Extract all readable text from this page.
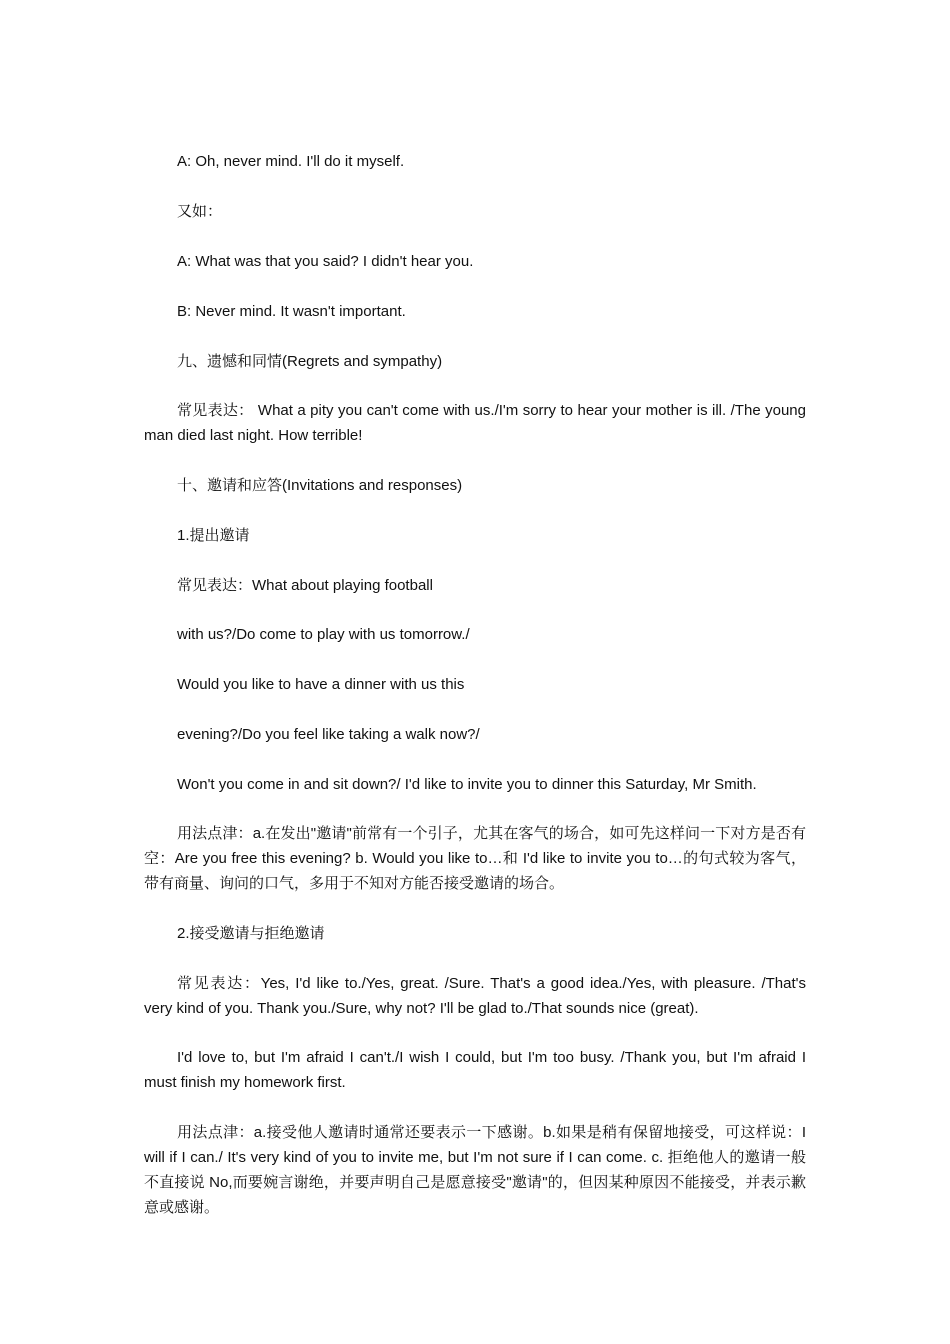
A: Oh, never mind. I'll do it myself.

又如：

A: What was that you said? I didn't hear you.

B: Never mind. It wasn't important.

九、遗憾和同情(Regrets and sympathy)

常见表达： What a pity you can't come with us./I'm sorry to hear your mother is ill. /The young man died last night. How terrible!

十、邀请和应答(Invitations and responses)

1.提出邀请

常见表达：What about playing football

with us?/Do come to play with us tomorrow./

Would you like to have a dinner with us this

evening?/Do you feel like taking a walk now?/

Won't you come in and sit down?/ I'd like to invite you to dinner this Saturday, Mr Smith.

用法点津：a.在发出"邀请"前常有一个引子，尤其在客气的场合，如可先这样问一下对方是否有空：Are you free this evening? b. Would you like to…和 I'd like to invite you to…的句式较为客气，带有商量、询问的口气，多用于不知对方能否接受邀请的场合。

2.接受邀请与拒绝邀请

常见表达：Yes, I'd like to./Yes, great. /Sure. That's a good idea./Yes, with pleasure. /That's very kind of you. Thank you./Sure, why not? I'll be glad to./That sounds nice (great).

I'd love to, but I'm afraid I can't./I wish I could, but I'm too busy. /Thank you, but I'm afraid I must finish my homework first.

用法点津：a.接受他人邀请时通常还要表示一下感谢。b.如果是稍有保留地接受，可这样说：I will if I can./ It's very kind of you to invite me, but I'm not sure if I can come. c. 拒绝他人的邀请一般不直接说 No,而要婉言谢绝，并要声明自己是愿意接受"邀请"的，但因某种原因不能接受，并表示歉意或感谢。
